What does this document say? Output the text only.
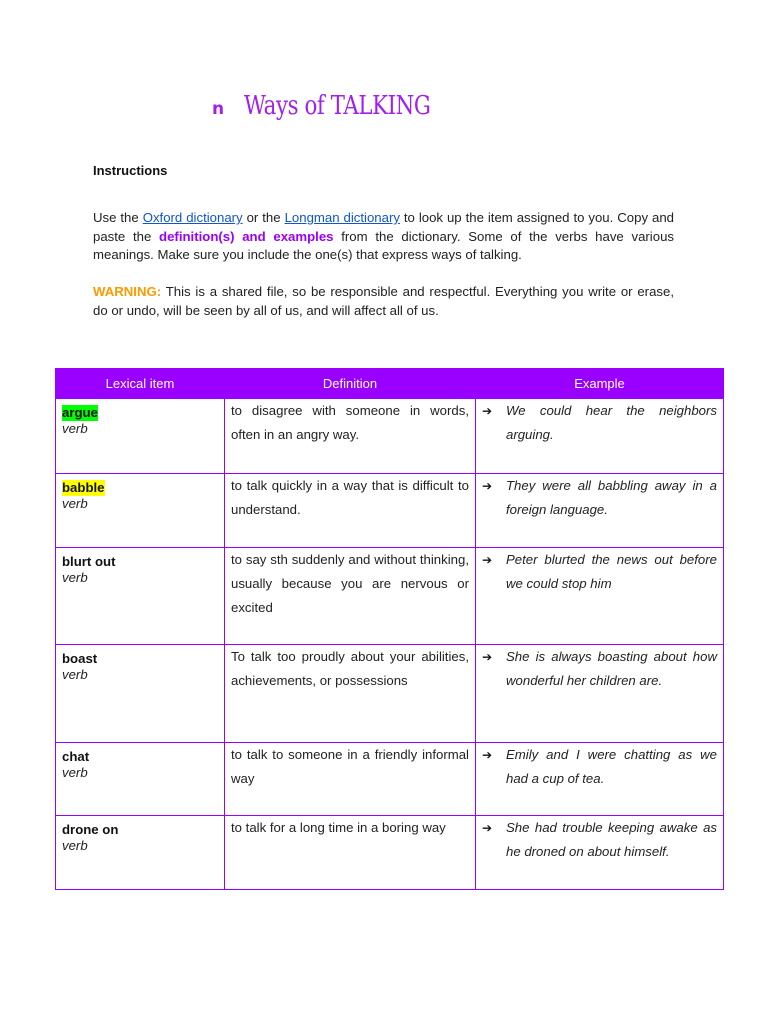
n Ways of TALKING
Instructions
Use the Oxford dictionary or the Longman dictionary to look up the item assigned to you. Copy and paste the definition(s) and examples from the dictionary. Some of the verbs have various meanings. Make sure you include the one(s) that express ways of talking.
WARNING: This is a shared file, so be responsible and respectful. Everything you write or erase, do or undo, will be seen by all of us, and will affect all of us.
Lexical item	Definition	Example

argue
verb	to disagree with someone in words, often in an angry way.	➔ We could hear the neighbors arguing.

babble
verb	to talk quickly in a way that is difficult to understand.	➔ They were all babbling away in a foreign language.

blurt out
verb	to say sth suddenly and without thinking, usually because you are nervous or excited	➔ Peter blurted the news out before we could stop him

boast
verb	To talk too proudly about your abilities, achievements, or possessions	➔ She is always boasting about how wonderful her children are.

chat
verb	to talk to someone in a friendly informal way	➔ Emily and I were chatting as we had a cup of tea.

drone on
verb	to talk for a long time in a boring way	➔ She had trouble keeping awake as he droned on about himself.
